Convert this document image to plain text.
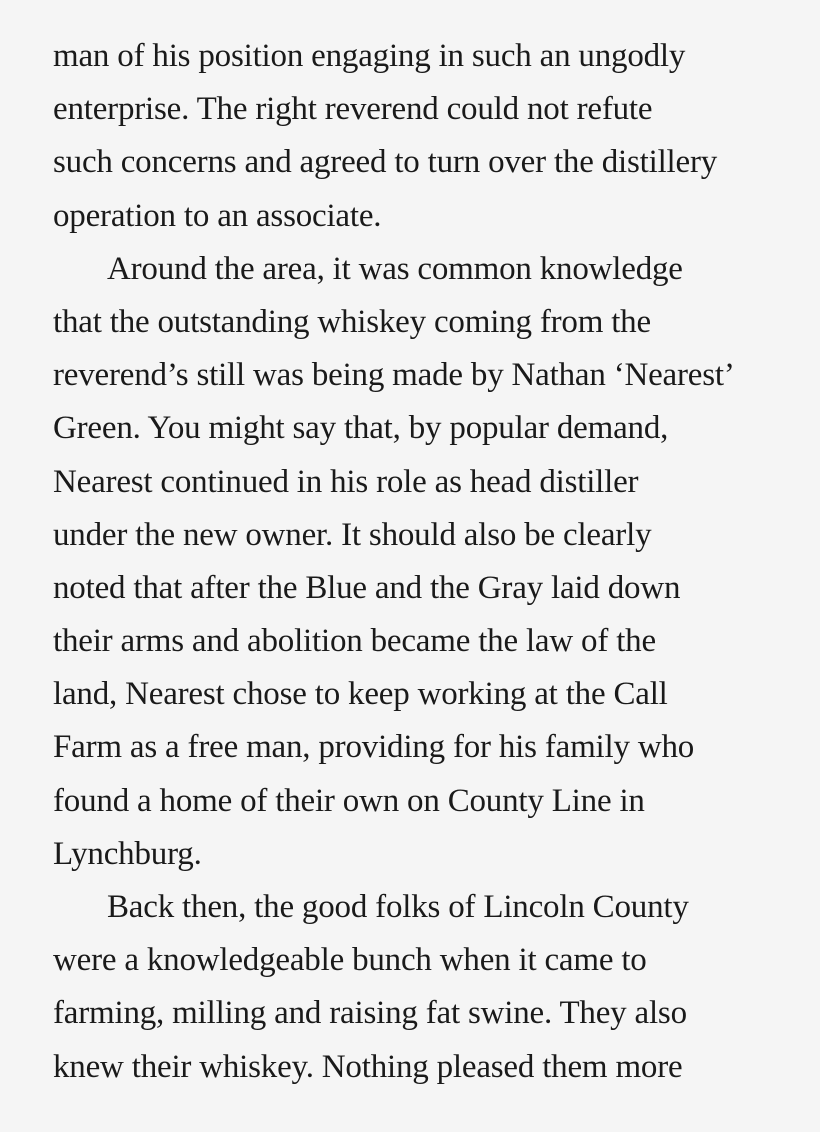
man of his position engaging in such an ungodly
enterprise. The right reverend could not refute
such concerns and agreed to turn over the distillery
operation to an associate.
Around the area, it was common knowledge
that the outstanding whiskey coming from the
reverend’s still was being made by Nathan ‘Nearest’
Green. You might say that, by popular demand,
Nearest continued in his role as head distiller
under the new owner. It should also be clearly
noted that after the Blue and the Gray laid down
their arms and abolition became the law of the
land, Nearest chose to keep working at the Call
Farm as a free man, providing for his family who
found a home of their own on County Line in
Lynchburg.
Back then, the good folks of Lincoln County
were a knowledgeable bunch when it came to
farming, milling and raising fat swine. They also
knew their whiskey. Nothing pleased them more
